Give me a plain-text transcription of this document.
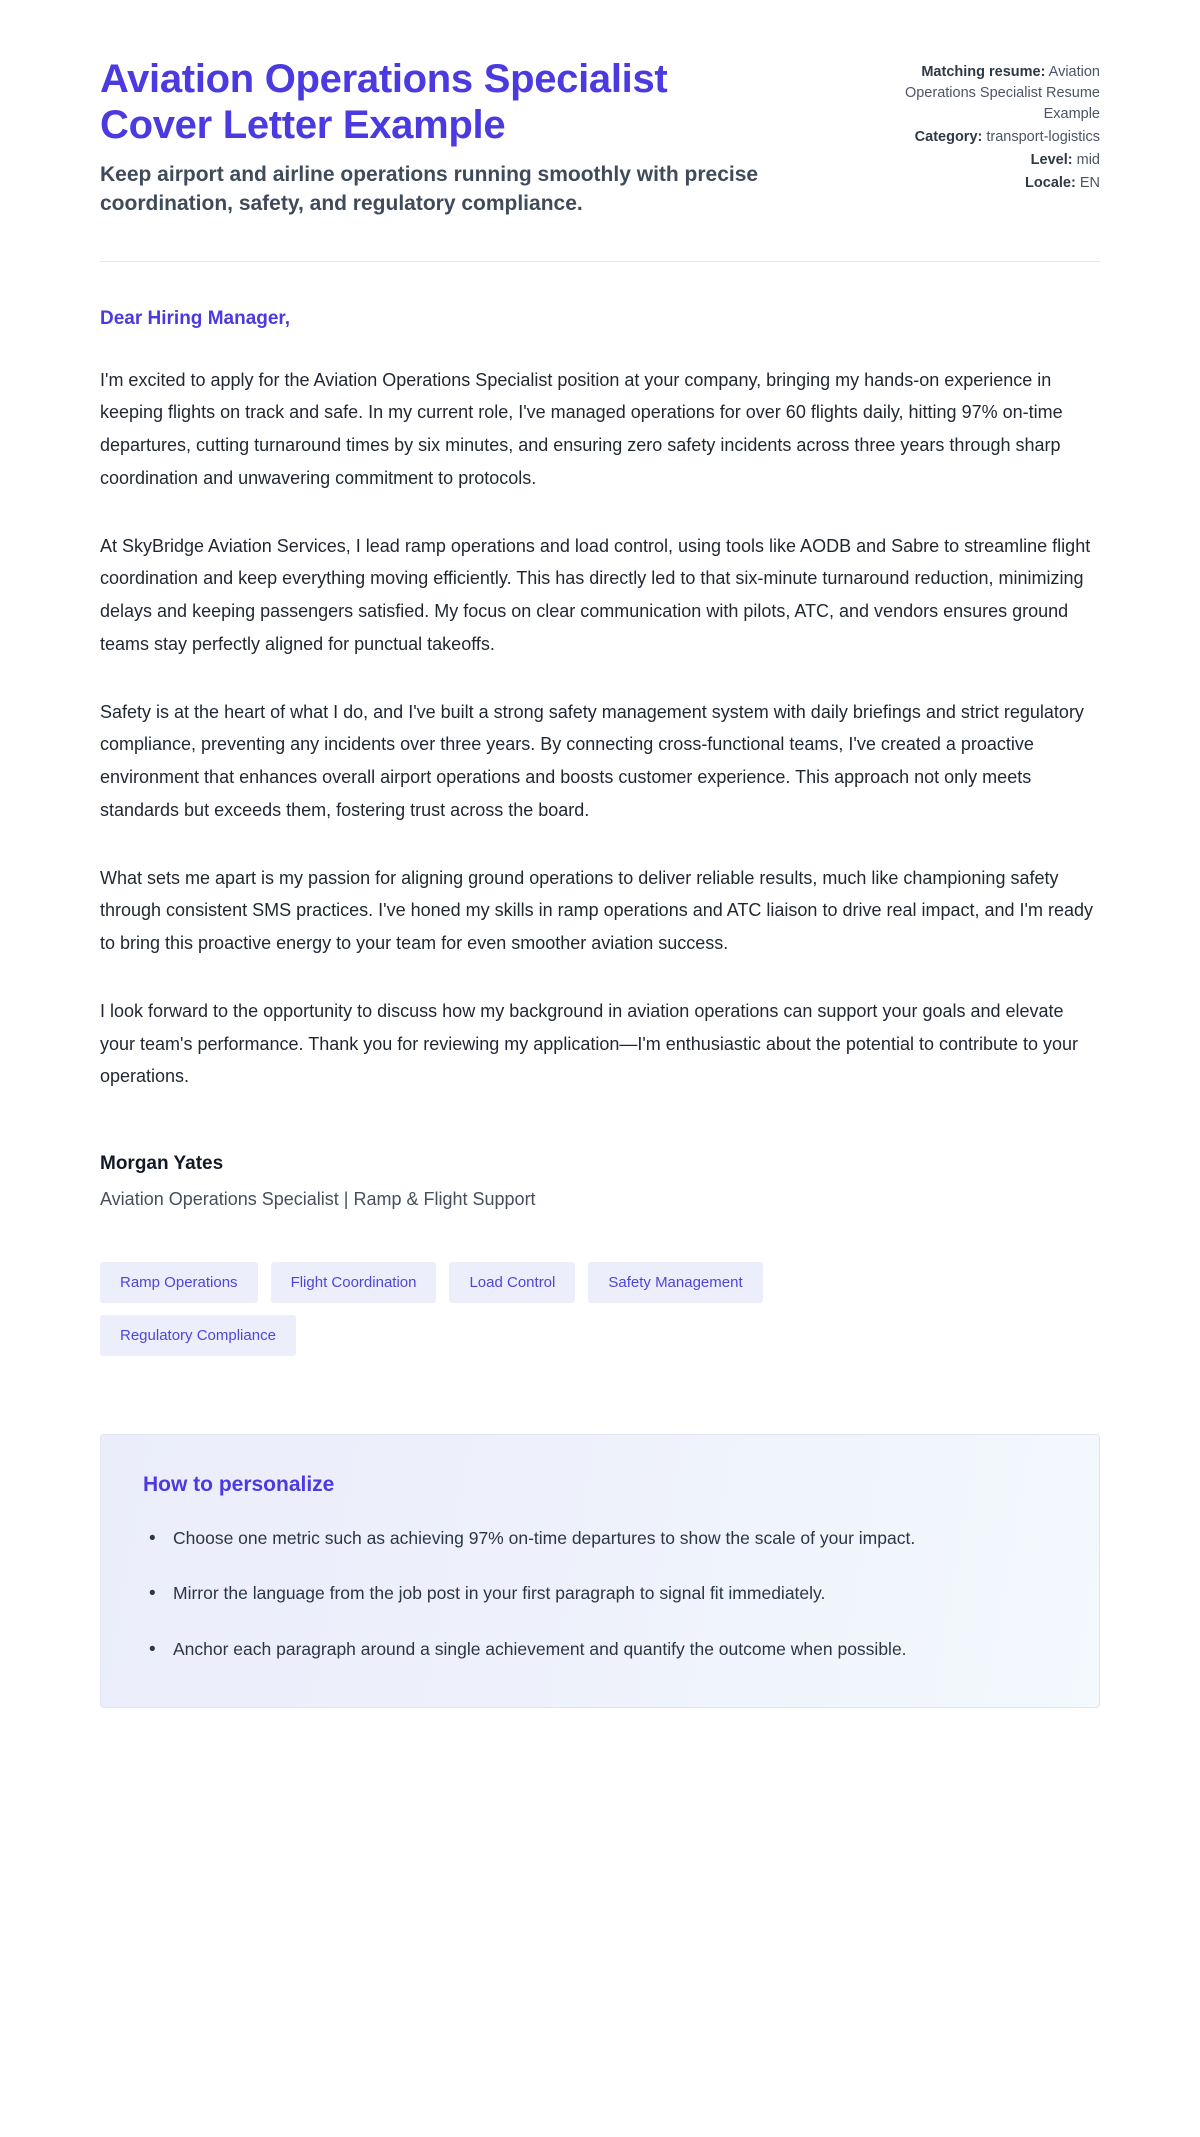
Aviation Operations Specialist Cover Letter Example

Keep airport and airline operations running smoothly with precise coordination, safety, and regulatory compliance.

Matching resume: Aviation Operations Specialist Resume Example
Category: transport-logistics
Level: mid
Locale: EN

Dear Hiring Manager,

I'm excited to apply for the Aviation Operations Specialist position at your company, bringing my hands-on experience in keeping flights on track and safe. In my current role, I've managed operations for over 60 flights daily, hitting 97% on-time departures, cutting turnaround times by six minutes, and ensuring zero safety incidents across three years through sharp coordination and unwavering commitment to protocols.

At SkyBridge Aviation Services, I lead ramp operations and load control, using tools like AODB and Sabre to streamline flight coordination and keep everything moving efficiently. This has directly led to that six-minute turnaround reduction, minimizing delays and keeping passengers satisfied. My focus on clear communication with pilots, ATC, and vendors ensures ground teams stay perfectly aligned for punctual takeoffs.

Safety is at the heart of what I do, and I've built a strong safety management system with daily briefings and strict regulatory compliance, preventing any incidents over three years. By connecting cross-functional teams, I've created a proactive environment that enhances overall airport operations and boosts customer experience. This approach not only meets standards but exceeds them, fostering trust across the board.

What sets me apart is my passion for aligning ground operations to deliver reliable results, much like championing safety through consistent SMS practices. I've honed my skills in ramp operations and ATC liaison to drive real impact, and I'm ready to bring this proactive energy to your team for even smoother aviation success.

I look forward to the opportunity to discuss how my background in aviation operations can support your goals and elevate your team's performance. Thank you for reviewing my application—I'm enthusiastic about the potential to contribute to your operations.

Morgan Yates

Aviation Operations Specialist | Ramp & Flight Support

Ramp Operations	Flight Coordination	Load Control	Safety Management
Regulatory Compliance
How to personalize
• Choose one metric such as achieving 97% on-time departures to show the scale of your impact.
• Mirror the language from the job post in your first paragraph to signal fit immediately.
• Anchor each paragraph around a single achievement and quantify the outcome when possible.
